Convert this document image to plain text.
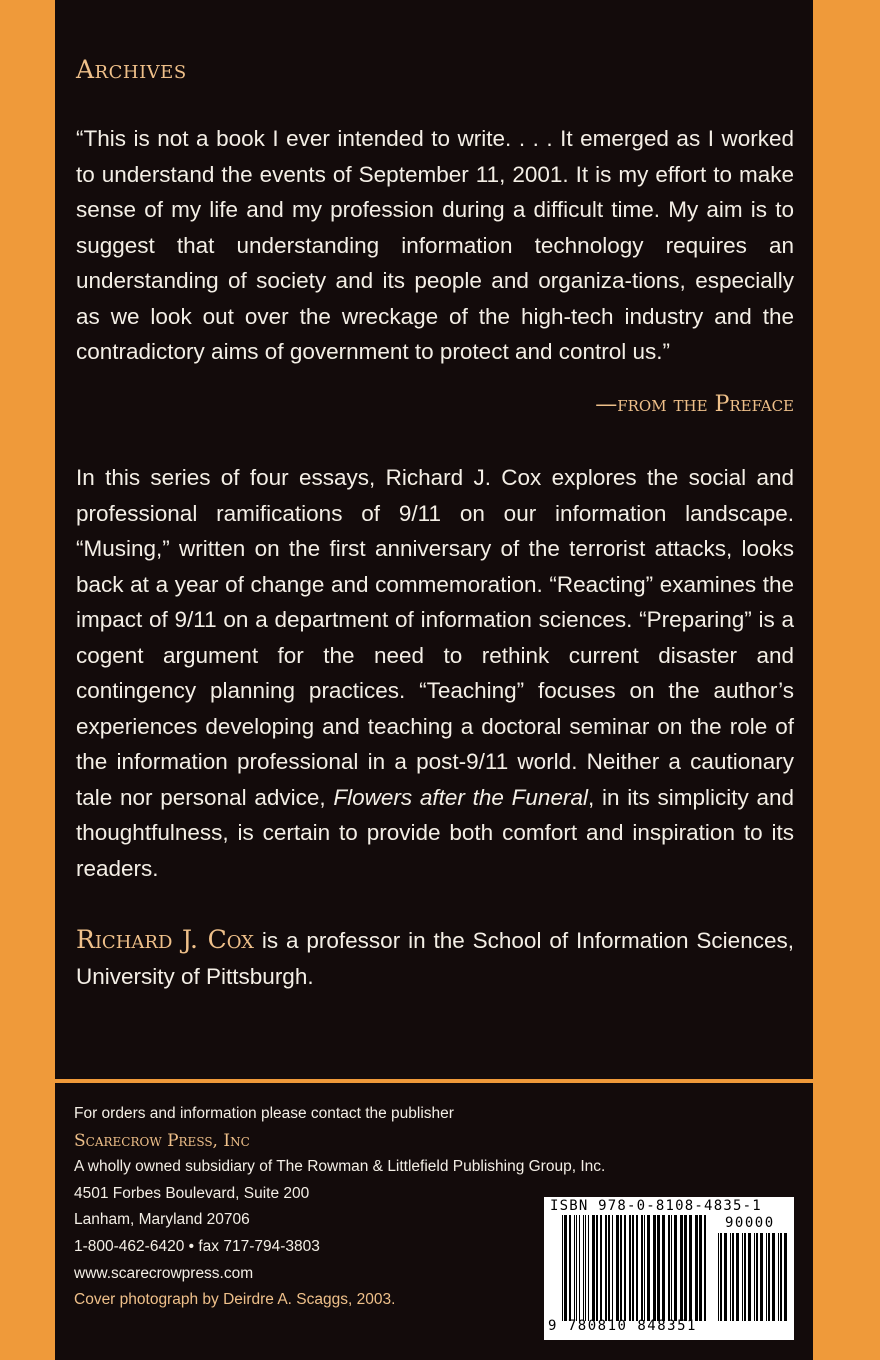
Archives

“This is not a book I ever intended to write. . . . It emerged as I worked to understand the events of September 11, 2001. It is my effort to make sense of my life and my profession during a difficult time. My aim is to suggest that understanding information technology requires an understanding of society and its people and organiza-tions, especially as we look out over the wreckage of the high-tech industry and the contradictory aims of government to protect and control us.”

—from the Preface

In this series of four essays, Richard J. Cox explores the social and professional ramifications of 9/11 on our information landscape. “Musing,” written on the first anniversary of the terrorist attacks, looks back at a year of change and commemoration. “Reacting” examines the impact of 9/11 on a department of information sciences. “Preparing” is a cogent argument for the need to rethink current disaster and contingency planning practices. “Teaching” focuses on the author’s experiences developing and teaching a doctoral seminar on the role of the information professional in a post-9/11 world. Neither a cautionary tale nor personal advice, Flowers after the Funeral, in its simplicity and thoughtfulness, is certain to provide both comfort and inspiration to its readers.

Richard J. Cox is a professor in the School of Information Sciences, University of Pittsburgh.

For orders and information please contact the publisher
Scarecrow Press, Inc
A wholly owned subsidiary of The Rowman & Littlefield Publishing Group, Inc.
4501 Forbes Boulevard, Suite 200
Lanham, Maryland 20706
1-800-462-6420 • fax 717-794-3803
www.scarecrowpress.com
Cover photograph by Deirdre A. Scaggs, 2003.
ISBN 978-0-8108-4835-1
90000
9 780810 848351
